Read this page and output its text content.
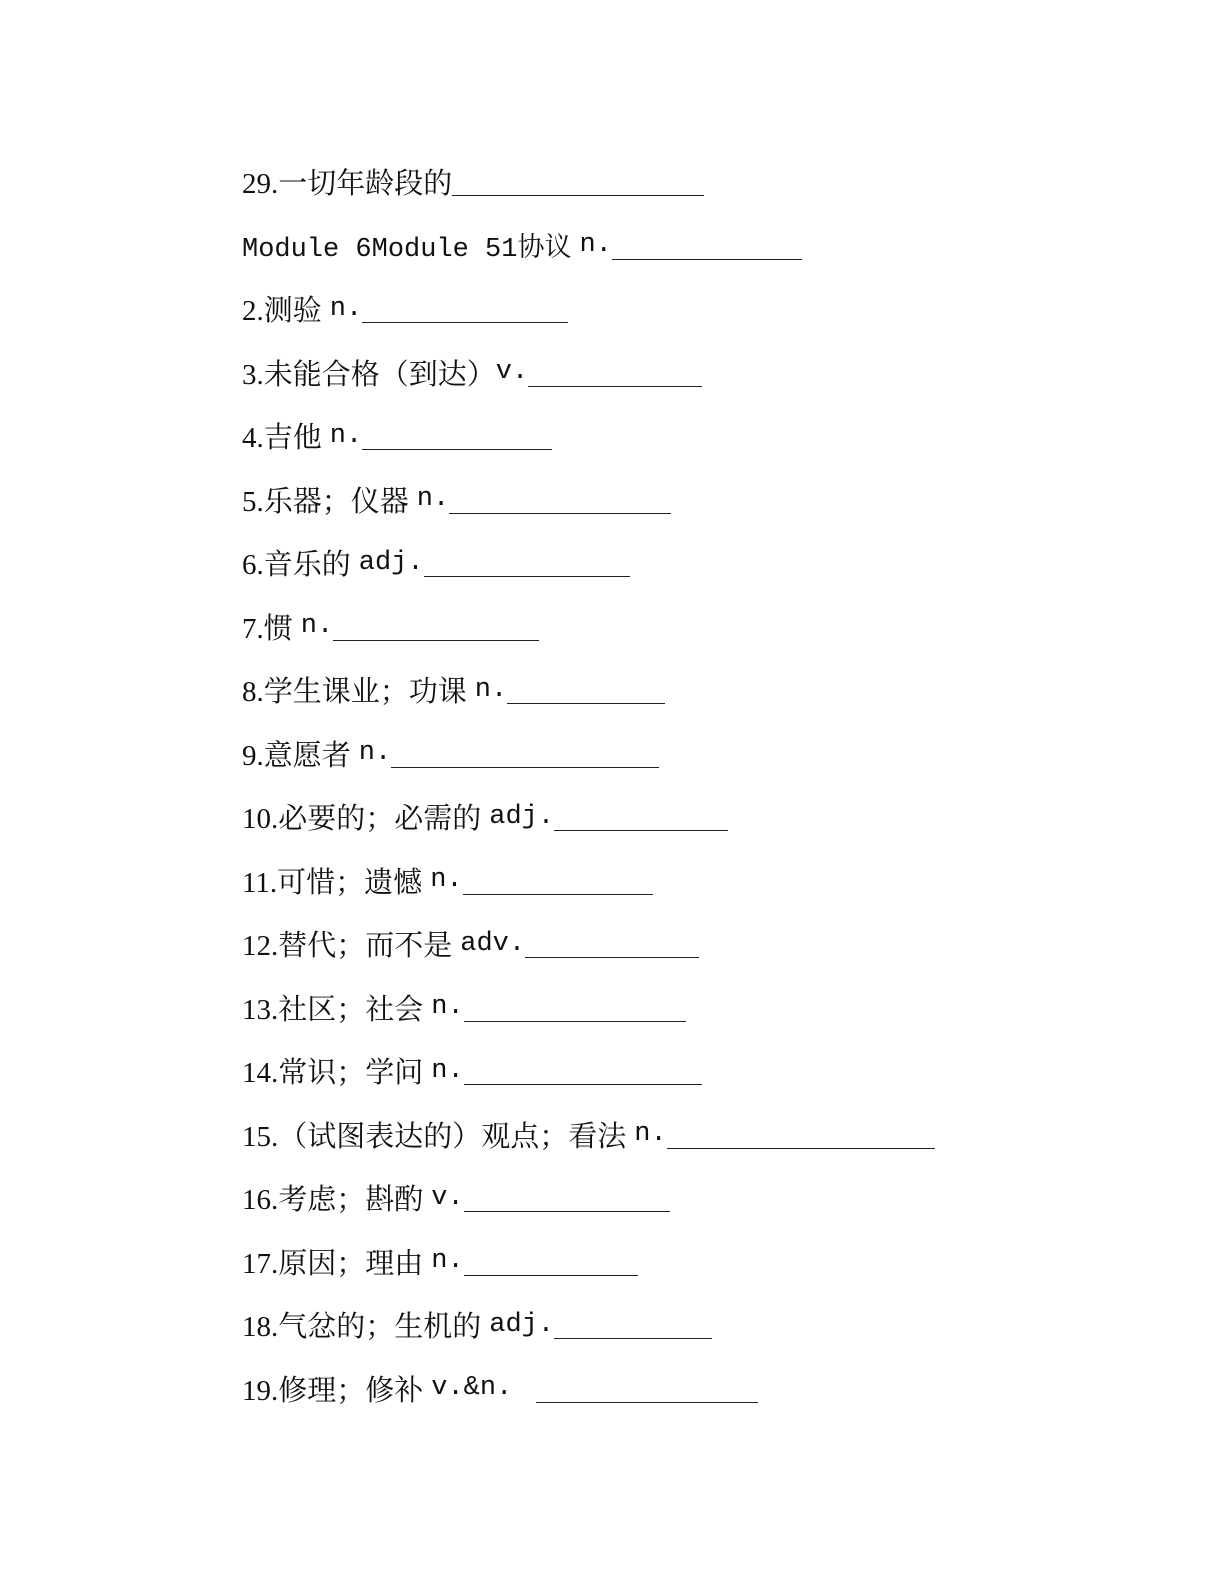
29.一切年龄段的
Module 6Module 51协议 n.
2.测验 n.
3.未能合格（到达） v.
4.吉他 n.
5.乐器；仪器 n.
6.音乐的 adj.
7.惯 n.
8.学生课业；功课 n.
9.意愿者 n.
10.必要的；必需的 adj.
11.可惜；遗憾 n.
12.替代；而不是 adv.
13.社区；社会 n.
14.常识；学问 n.
15.（试图表达的）观点；看法 n.
16.考虑；斟酌 v.
17.原因；理由 n.
18.气忿的；生机的 adj.
19.修理；修补 v.&n.
